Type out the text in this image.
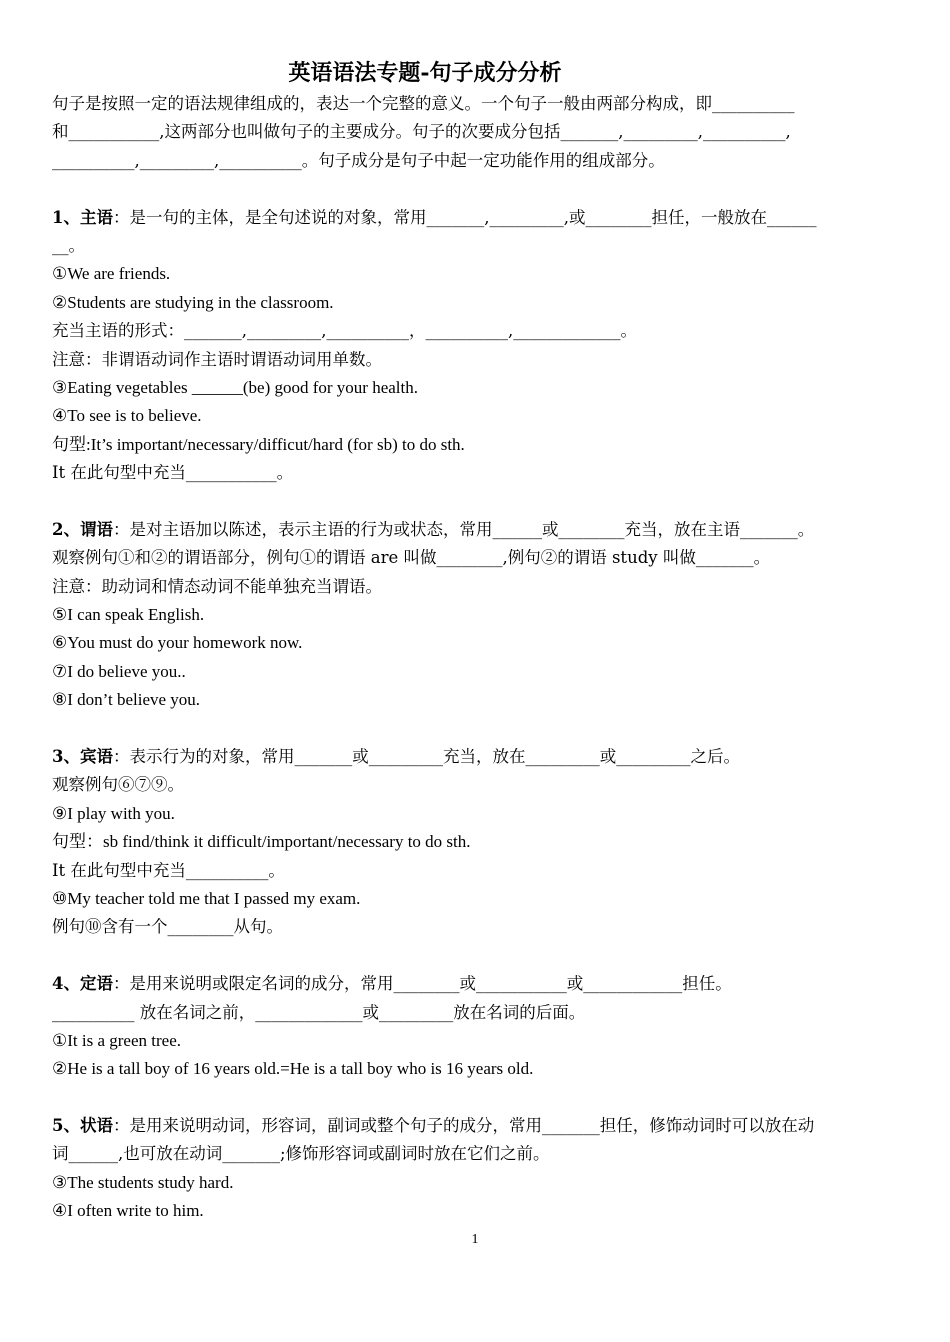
英语语法专题-句子成分分析
句子是按照一定的语法规律组成的，表达一个完整的意义。一个句子一般由两部分构成，即__________
和___________,这两部分也叫做句子的主要成分。句子的次要成分包括_______,_________,__________,
__________,_________,__________。句子成分是句子中起一定功能作用的组成部分。
1、主语：是一句的主体，是全句述说的对象，常用_______,_________,或________担任，一般放在______
__。
①We are friends.
②Students are studying in the classroom.
充当主语的形式：_______,_________,__________，__________,_____________。
注意：非谓语动词作主语时谓语动词用单数。
③Eating vegetables ______(be) good for your health.
④To see is to believe.
句型:It’s important/necessary/difficut/hard (for sb) to do sth.
It 在此句型中充当___________。
2、谓语：是对主语加以陈述，表示主语的行为或状态，常用______或________充当，放在主语_______。
观察例句①和②的谓语部分，例句①的谓语 are 叫做________,例句②的谓语 study 叫做_______。
注意：助动词和情态动词不能单独充当谓语。
⑤I can speak English.
⑥You must do your homework now.
⑦I do believe you..
⑧I don’t believe you.
3、宾语：表示行为的对象，常用_______或_________充当，放在_________或_________之后。
观察例句⑥⑦⑨。
⑨I play with you.
句型：sb find/think it difficult/important/necessary to do sth.
It 在此句型中充当__________。
⑩My teacher told me that I passed my exam.
例句⑩含有一个________从句。
4、定语：是用来说明或限定名词的成分，常用________或___________或____________担任。
__________ 放在名词之前，_____________或_________放在名词的后面。
①It is a green tree.
②He is a tall boy of 16 years old.=He is a tall boy who is 16 years old.
5、状语：是用来说明动词，形容词，副词或整个句子的成分，常用_______担任，修饰动词时可以放在动
词______,也可放在动词_______;修饰形容词或副词时放在它们之前。
③The students study hard.
④I often write to him.
1
